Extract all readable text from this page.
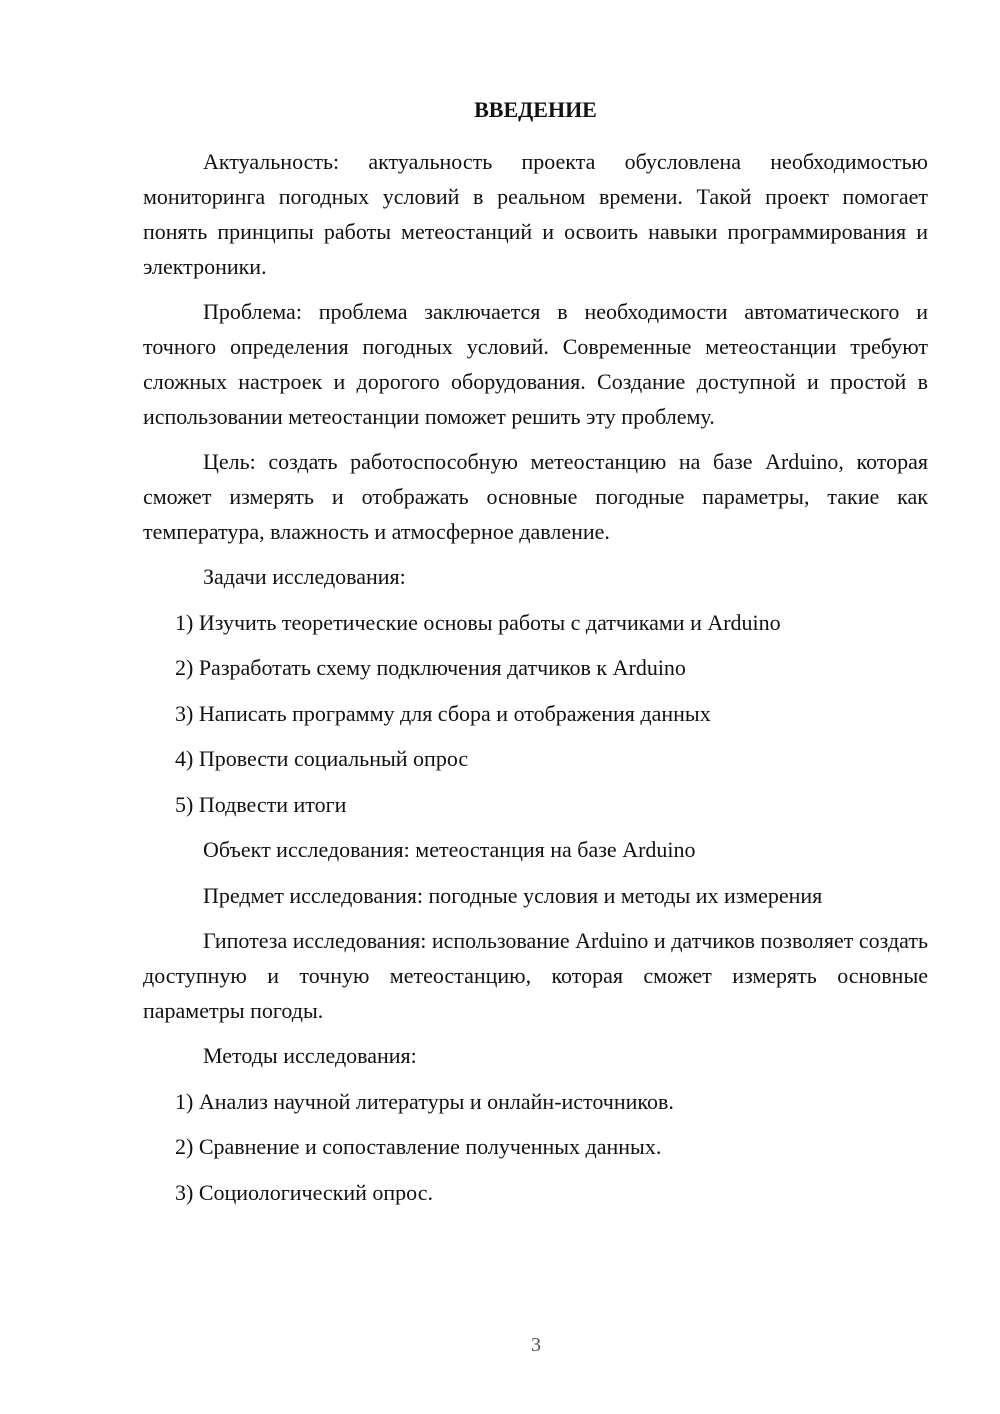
ВВЕДЕНИЕ

Актуальность: актуальность проекта обусловлена необходимостью мониторинга погодных условий в реальном времени. Такой проект помогает понять принципы работы метеостанций и освоить навыки программирования и электроники.

Проблема: проблема заключается в необходимости автоматического и точного определения погодных условий. Современные метеостанции требуют сложных настроек и дорогого оборудования. Создание доступной и простой в использовании метеостанции поможет решить эту проблему.

Цель: создать работоспособную метеостанцию на базе Arduino, которая сможет измерять и отображать основные погодные параметры, такие как температура, влажность и атмосферное давление.

Задачи исследования:

1) Изучить теоретические основы работы с датчиками и Arduino

2) Разработать схему подключения датчиков к Arduino

3) Написать программу для сбора и отображения данных

4) Провести социальный опрос

5) Подвести итоги

Объект исследования: метеостанция на базе Arduino

Предмет исследования: погодные условия и методы их измерения

Гипотеза исследования: использование Arduino и датчиков позволяет создать доступную и точную метеостанцию, которая сможет измерять основные параметры погоды.

Методы исследования:

1) Анализ научной литературы и онлайн-источников.

2) Сравнение и сопоставление полученных данных.

3) Социологический опрос.

3
